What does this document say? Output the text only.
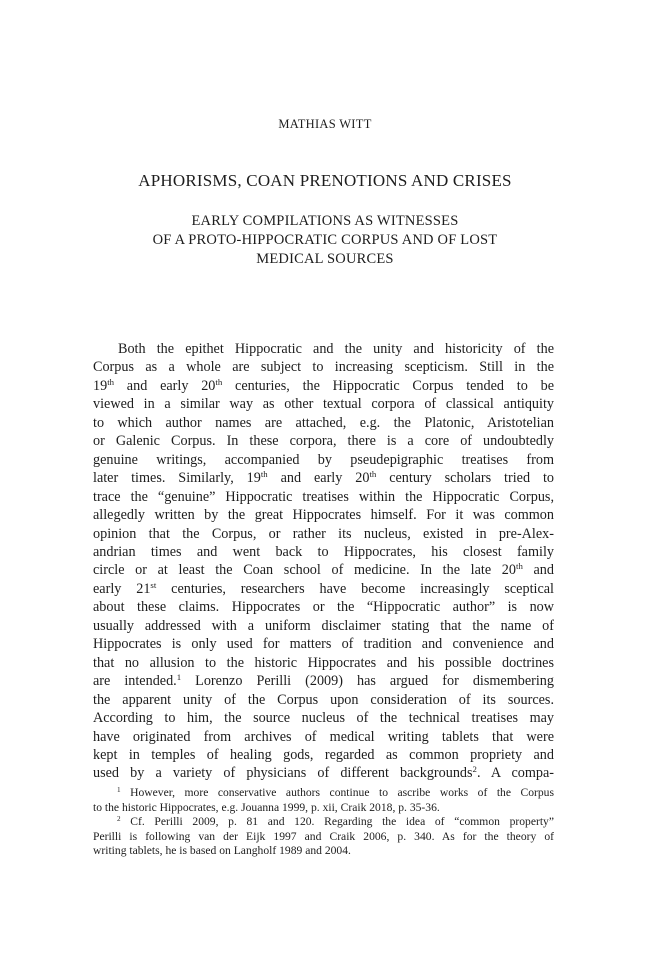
MATHIAS WITT
APHORISMS, COAN PRENOTIONS AND CRISES
EARLY COMPILATIONS AS WITNESSES
OF A PROTO-HIPPOCRATIC CORPUS AND OF LOST
MEDICAL SOURCES
Both the epithet Hippocratic and the unity and historicity of the
Corpus as a whole are subject to increasing scepticism. Still in the
19th and early 20th centuries, the Hippocratic Corpus tended to be
viewed in a similar way as other textual corpora of classical antiquity
to which author names are attached, e.g. the Platonic, Aristotelian
or Galenic Corpus. In these corpora, there is a core of undoubtedly
genuine writings, accompanied by pseudepigraphic treatises from
later times. Similarly, 19th and early 20th century scholars tried to
trace the “genuine” Hippocratic treatises within the Hippocratic Corpus,
allegedly written by the great Hippocrates himself. For it was common
opinion that the Corpus, or rather its nucleus, existed in pre-Alex-
andrian times and went back to Hippocrates, his closest family
circle or at least the Coan school of medicine. In the late 20th and
early 21st centuries, researchers have become increasingly sceptical
about these claims. Hippocrates or the “Hippocratic author” is now
usually addressed with a uniform disclaimer stating that the name of
Hippocrates is only used for matters of tradition and convenience and
that no allusion to the historic Hippocrates and his possible doctrines
are intended.$^1$ Lorenzo Perilli (2009) has argued for dismembering
the apparent unity of the Corpus upon consideration of its sources.
According to him, the source nucleus of the technical treatises may
have originated from archives of medical writing tablets that were
kept in temples of healing gods, regarded as common propriety and
used by a variety of physicians of different backgrounds$^2$. A compa-
$^1$ However, more conservative authors continue to ascribe works of the Corpus
to the historic Hippocrates, e.g. Jouanna 1999, p. xii, Craik 2018, p. 35-36.
$^2$ Cf. Perilli 2009, p. 81 and 120. Regarding the idea of “common property”
Perilli is following van der Eijk 1997 and Craik 2006, p. 340. As for the theory of
writing tablets, he is based on Langholf 1989 and 2004.
